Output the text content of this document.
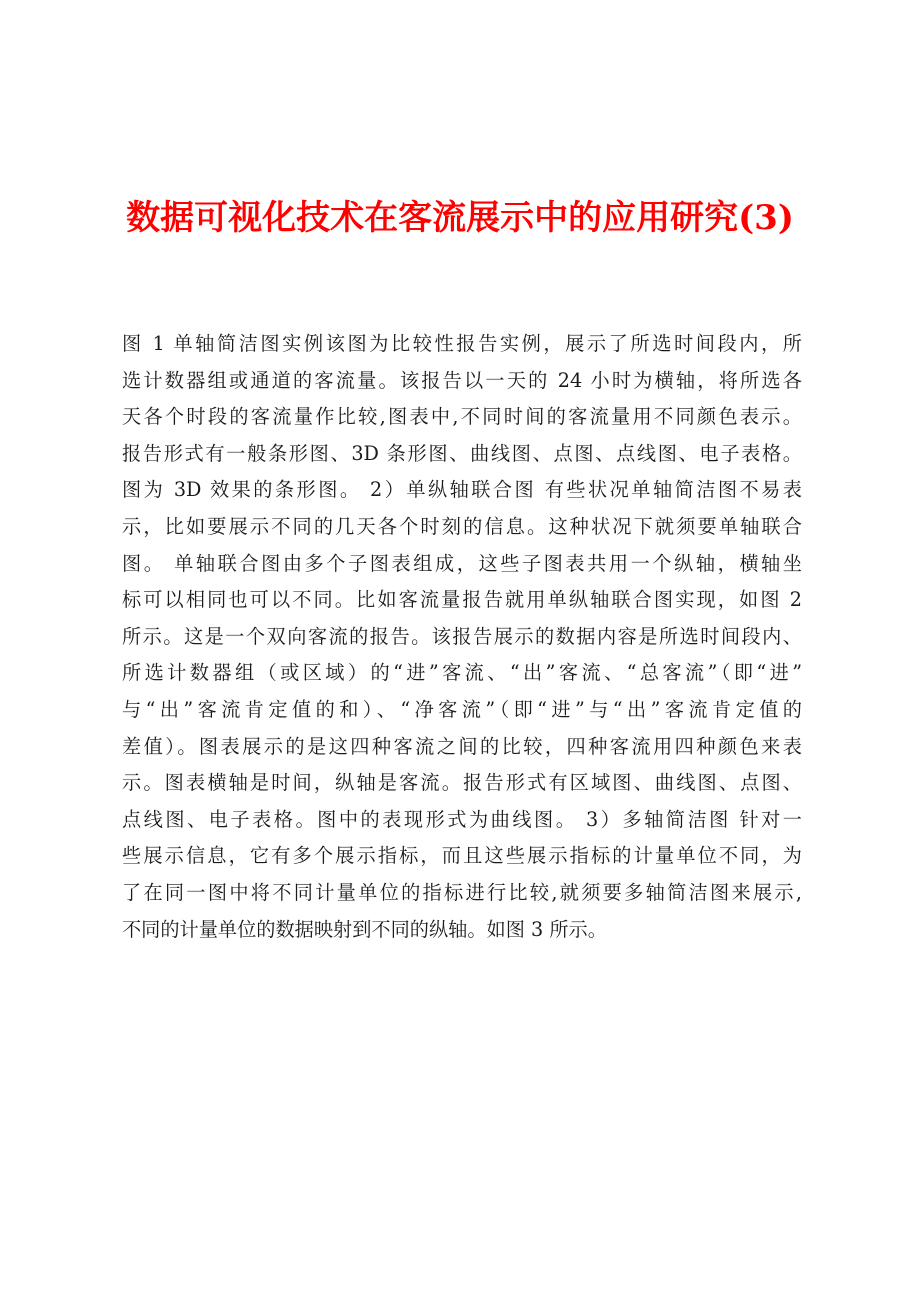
数据可视化技术在客流展示中的应用研究(3)
图 1 单轴简洁图实例该图为比较性报告实例，展示了所选时间段内，所
选计数器组或通道的客流量。该报告以一天的 24 小时为横轴，将所选各
天各个时段的客流量作比较,图表中,不同时间的客流量用不同颜色表示。
报告形式有一般条形图、3D 条形图、曲线图、点图、点线图、电子表格。
图为 3D 效果的条形图。 2）单纵轴联合图 有些状况单轴简洁图不易表
示，比如要展示不同的几天各个时刻的信息。这种状况下就须要单轴联合
图。 单轴联合图由多个子图表组成，这些子图表共用一个纵轴，横轴坐
标可以相同也可以不同。比如客流量报告就用单纵轴联合图实现，如图 2
所示。这是一个双向客流的报告。该报告展示的数据内容是所选时间段内、
所选计数器组（或区域）的“进”客流、“出”客流、“总客流”（即“进”
与“出”客流肯定值的和）、“净客流”（即“进”与“出”客流肯定值的
差值）。图表展示的是这四种客流之间的比较，四种客流用四种颜色来表
示。图表横轴是时间，纵轴是客流。报告形式有区域图、曲线图、点图、
点线图、电子表格。图中的表现形式为曲线图。 3）多轴简洁图 针对一
些展示信息，它有多个展示指标，而且这些展示指标的计量单位不同，为
了在同一图中将不同计量单位的指标进行比较,就须要多轴简洁图来展示,
不同的计量单位的数据映射到不同的纵轴。如图 3 所示。
